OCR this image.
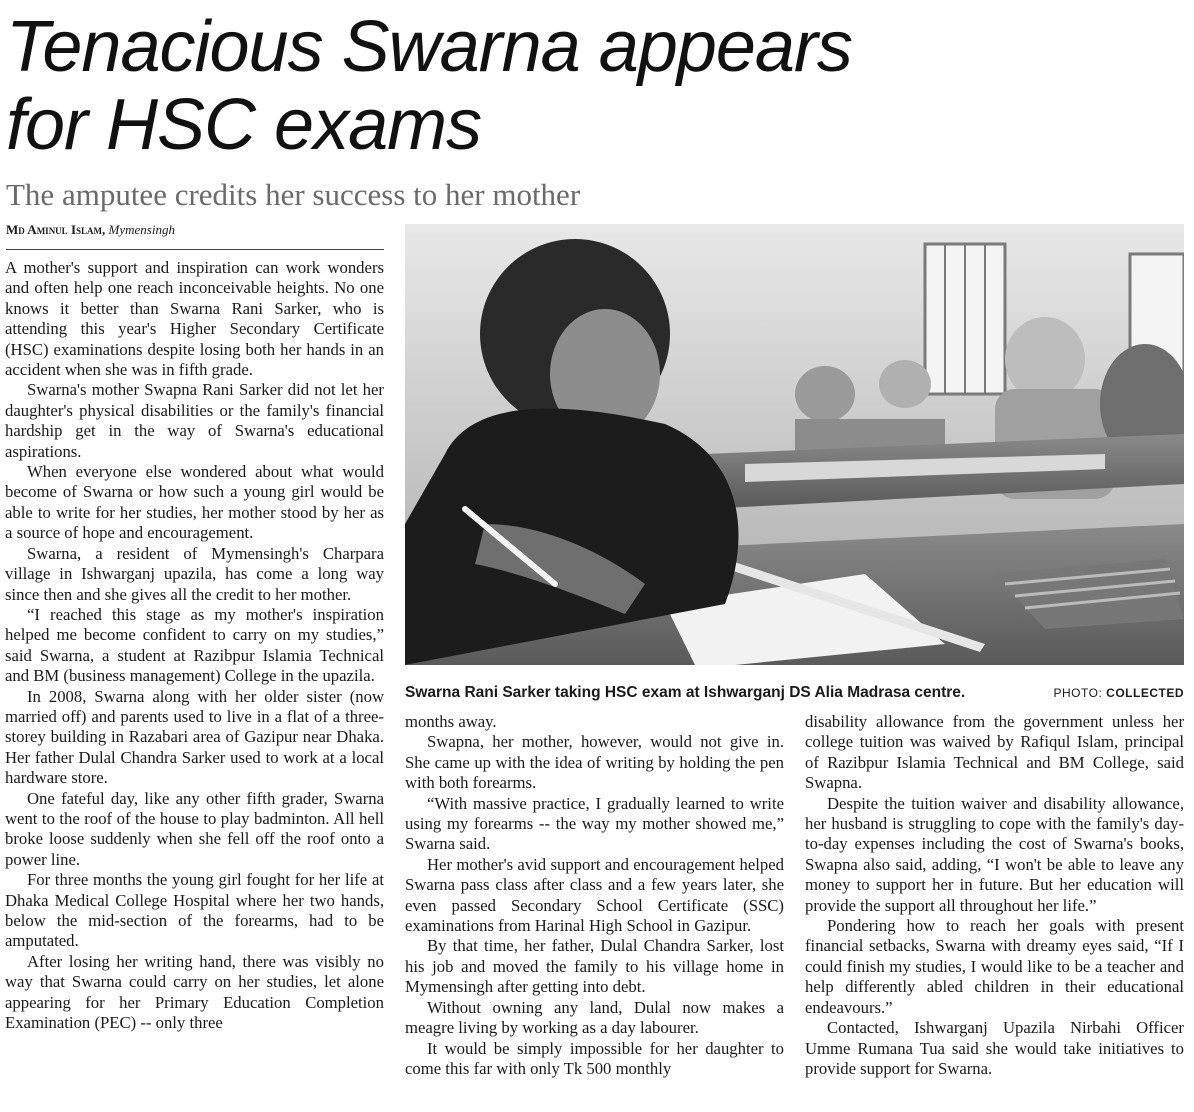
Tenacious Swarna appears
for HSC exams
The amputee credits her success to her mother
Md Aminul Islam, Mymensingh

A mother's support and inspiration can work wonders and often help one reach inconceivable heights. No one knows it better than Swarna Rani Sarker, who is attending this year's Higher Secondary Certificate (HSC) examinations despite losing both her hands in an accident when she was in fifth grade.

Swarna's mother Swapna Rani Sarker did not let her daughter's physical disabilities or the family's financial hardship get in the way of Swarna's educational aspirations.

When everyone else wondered about what would become of Swarna or how such a young girl would be able to write for her studies, her mother stood by her as a source of hope and encouragement.

Swarna, a resident of Mymensingh's Charpara village in Ishwarganj upazila, has come a long way since then and she gives all the credit to her mother.

“I reached this stage as my mother's inspiration helped me become confident to carry on my studies,” said Swarna, a student at Razibpur Islamia Technical and BM (business management) College in the upazila.

In 2008, Swarna along with her older sister (now married off) and parents used to live in a flat of a three-storey building in Razabari area of Gazipur near Dhaka. Her father Dulal Chandra Sarker used to work at a local hardware store.

One fateful day, like any other fifth grader, Swarna went to the roof of the house to play badminton. All hell broke loose suddenly when she fell off the roof onto a power line.

For three months the young girl fought for her life at Dhaka Medical College Hospital where her two hands, below the mid-section of the forearms, had to be amputated.

After losing her writing hand, there was visibly no way that Swarna could carry on her studies, let alone appearing for her Primary Education Completion Examination (PEC) -- only three

Swarna Rani Sarker taking HSC exam at Ishwarganj DS Alia Madrasa centre.	PHOTO: COLLECTED

months away.

Swapna, her mother, however, would not give in. She came up with the idea of writing by holding the pen with both forearms.

“With massive practice, I gradually learned to write using my forearms -- the way my mother showed me,” Swarna said.

Her mother's avid support and encouragement helped Swarna pass class after class and a few years later, she even passed Secondary School Certificate (SSC) examinations from Harinal High School in Gazipur.

By that time, her father, Dulal Chandra Sarker, lost his job and moved the family to his village home in Mymensingh after getting into debt.

Without owning any land, Dulal now makes a meagre living by working as a day labourer.

It would be simply impossible for her daughter to come this far with only Tk 500 monthly

disability allowance from the government unless her college tuition was waived by Rafiqul Islam, principal of Razibpur Islamia Technical and BM College, said Swapna.

Despite the tuition waiver and disability allowance, her husband is struggling to cope with the family's day-to-day expenses including the cost of Swarna's books, Swapna also said, adding, “I won't be able to leave any money to support her in future. But her education will provide the support all throughout her life.”

Pondering how to reach her goals with present financial setbacks, Swarna with dreamy eyes said, “If I could finish my studies, I would like to be a teacher and help differently abled children in their educational endeavours.”

Contacted, Ishwarganj Upazila Nirbahi Officer Umme Rumana Tua said she would take initiatives to provide support for Swarna.
